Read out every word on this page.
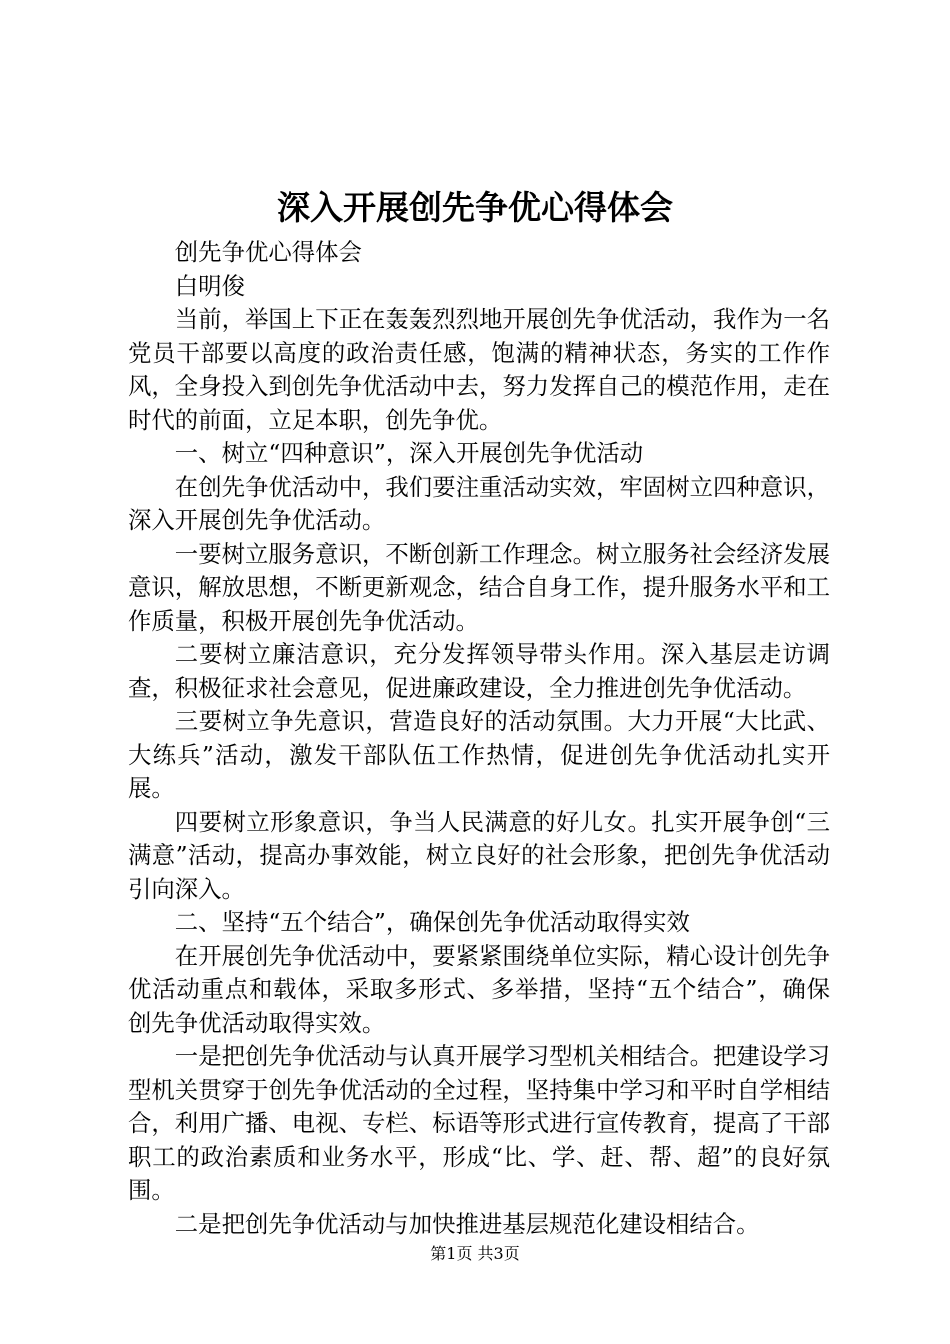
深入开展创先争优心得体会

创先争优心得体会

白明俊

当前，举国上下正在轰轰烈烈地开展创先争优活动，我作为一名党员干部要以高度的政治责任感，饱满的精神状态，务实的工作作风，全身投入到创先争优活动中去，努力发挥自己的模范作用，走在时代的前面，立足本职，创先争优。

一、树立“四种意识”，深入开展创先争优活动

在创先争优活动中，我们要注重活动实效，牢固树立四种意识，深入开展创先争优活动。

一要树立服务意识，不断创新工作理念。树立服务社会经济发展意识，解放思想，不断更新观念，结合自身工作，提升服务水平和工作质量，积极开展创先争优活动。

二要树立廉洁意识，充分发挥领导带头作用。深入基层走访调查，积极征求社会意见，促进廉政建设，全力推进创先争优活动。

三要树立争先意识，营造良好的活动氛围。大力开展“大比武、大练兵”活动，激发干部队伍工作热情，促进创先争优活动扎实开展。

四要树立形象意识，争当人民满意的好儿女。扎实开展争创“三满意”活动，提高办事效能，树立良好的社会形象，把创先争优活动引向深入。

二、坚持“五个结合”，确保创先争优活动取得实效

在开展创先争优活动中，要紧紧围绕单位实际，精心设计创先争优活动重点和载体，采取多形式、多举措，坚持“五个结合”，确保创先争优活动取得实效。

一是把创先争优活动与认真开展学习型机关相结合。把建设学习型机关贯穿于创先争优活动的全过程，坚持集中学习和平时自学相结合，利用广播、电视、专栏、标语等形式进行宣传教育，提高了干部职工的政治素质和业务水平，形成“比、学、赶、帮、超”的良好氛围。

二是把创先争优活动与加快推进基层规范化建设相结合。

第1页 共3页
